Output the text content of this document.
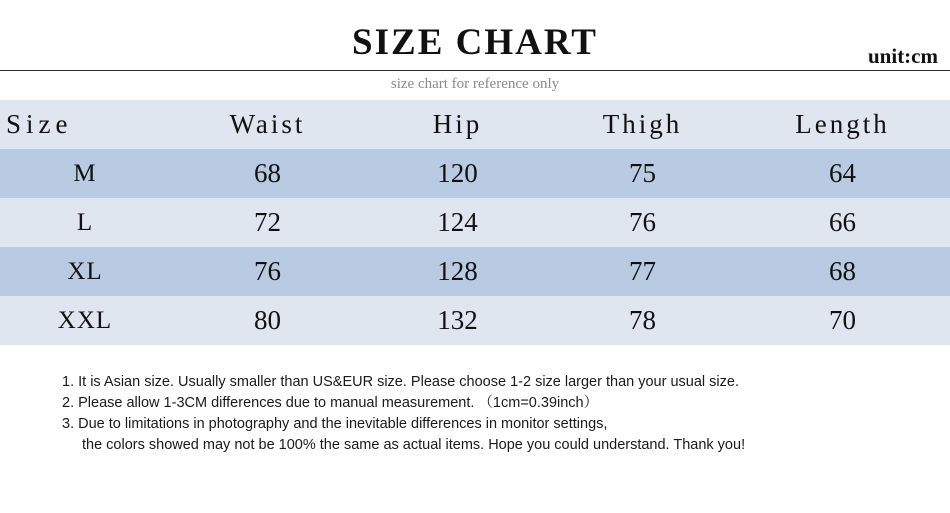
SIZE CHART	unit:cm
size chart for reference only
Size	Waist	Hip	Thigh	Length
M	68	120	75	64
L	72	124	76	66
XL	76	128	77	68
XXL	80	132	78	70
1. It is Asian size. Usually smaller than US&EUR size. Please choose 1-2 size larger than your usual size.
2. Please allow 1-3CM differences due to manual measurement. （1cm=0.39inch）
3. Due to limitations in photography and the inevitable differences in monitor settings,
the colors showed may not be 100% the same as actual items. Hope you could understand. Thank you!
